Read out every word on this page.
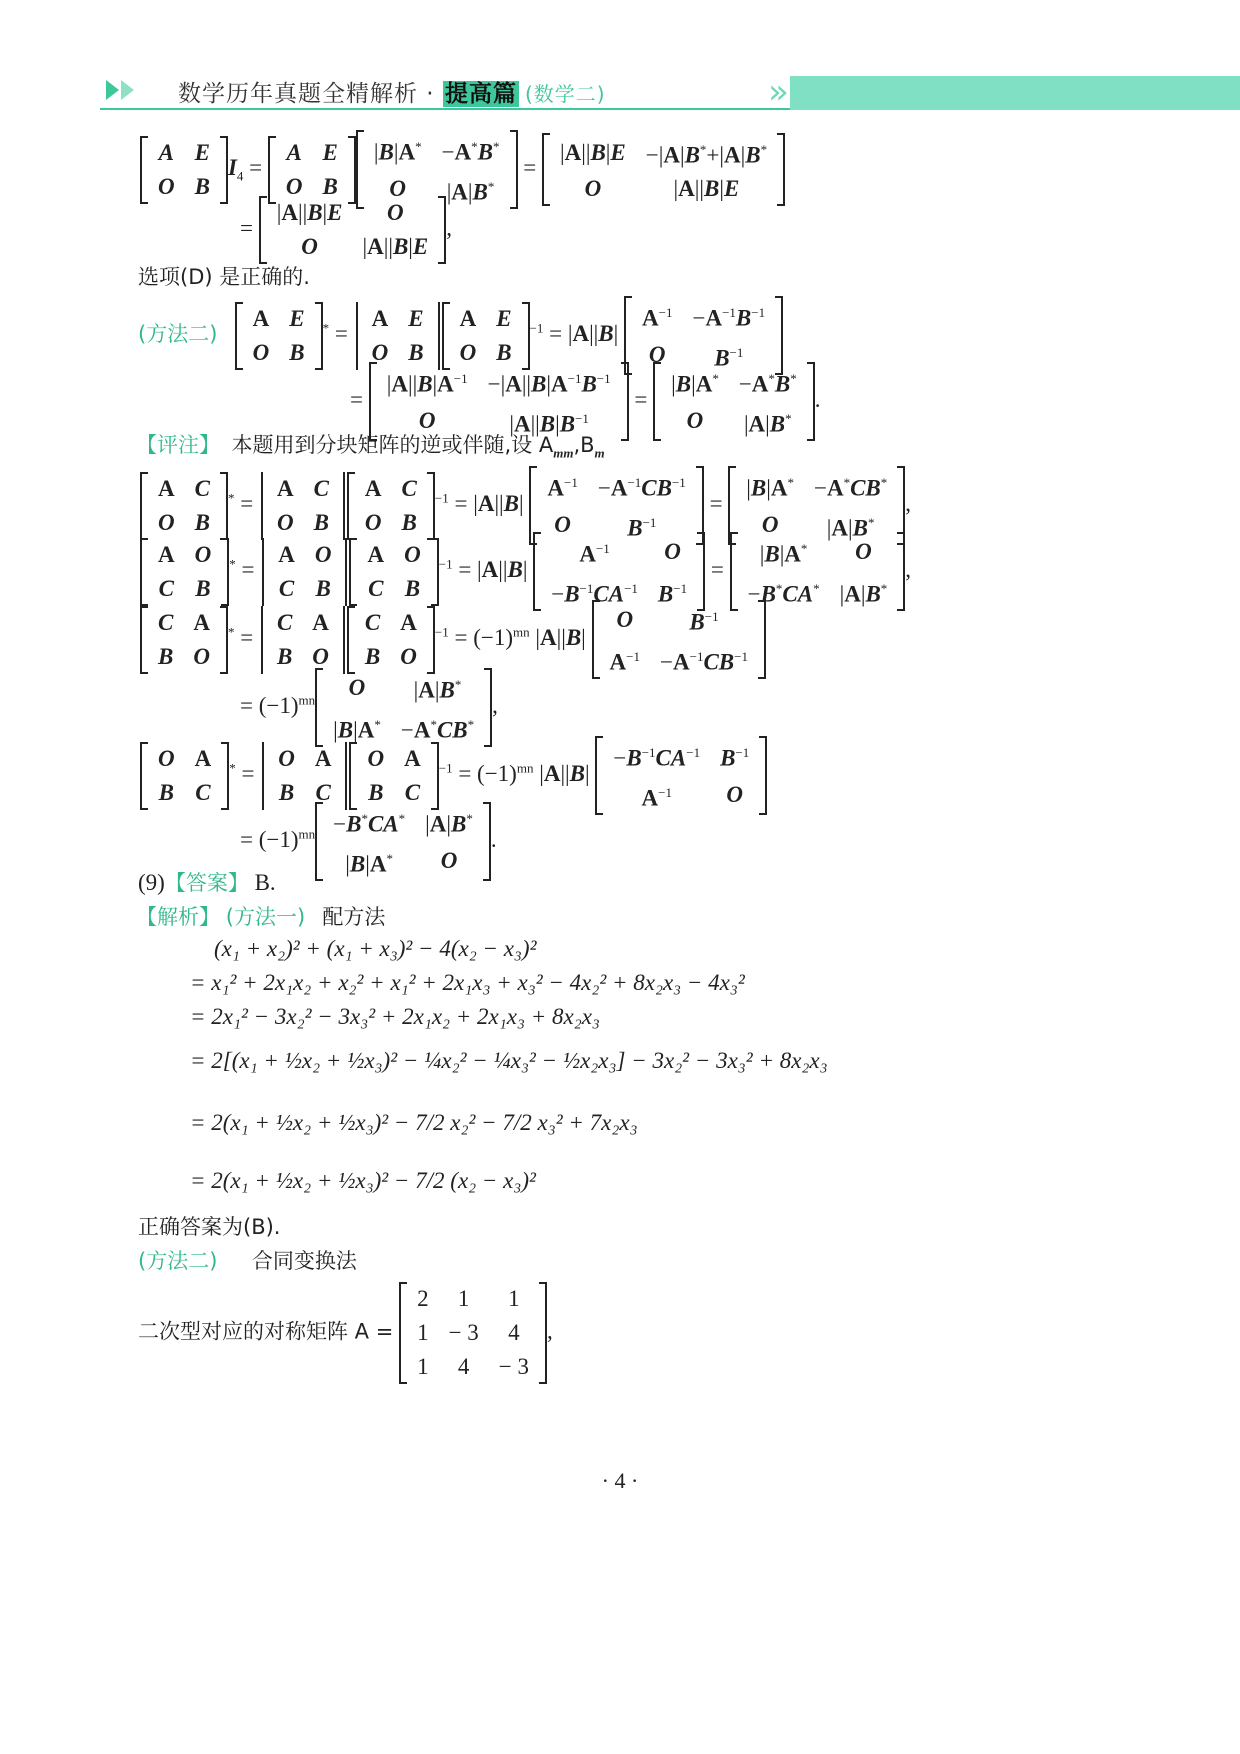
数学历年真题全精解析 · 提高篇 (数学二)	»
A	E
O	B
$I_4$ =
A	E
O	B
|B|A*	−A*B*
O	|A|B*
=
|A||B|E	−|A|B*+|A|B*
O	|A||B|E
=
|A||B|E	O
O	|A||B|E
,
选项(D) 是正确的.
(方法二)
A	E
O	B
* =
A	E
O	B
A	E
O	B
$^{-1}$ = |A||B|
$A^{-1}$	$-A^{-1}B^{-1}$
O	$B^{-1}$
=
$|A||B|A^{-1}$	$-|A||B|A^{-1}B^{-1}$
O	$|A||B|B^{-1}$
=
|B|A*	−A*B*
O	|A|B*
.
【评注】 本题用到分块矩阵的逆或伴随,设 $A_{mm},B_m$
A	C
O	B
* =
A	C
O	B
A	C
O	B
$^{-1}$ = |A||B|
$A^{-1}$	$-A^{-1}CB^{-1}$
O	$B^{-1}$
=
|B|A*	−A*CB*
O	|A|B*
,
A	O
C	B
* =
A	O
C	B
A	O
C	B
$^{-1}$ = |A||B|
$A^{-1}$	O
$-B^{-1}CA^{-1}$	$B^{-1}$
=
|B|A*	O
−B*CA*	|A|B*
,
C	A
B	O
* =
C	A
B	O
C	A
B	O
$^{-1} = (-1)^{mn}$ |A||B|
O	$B^{-1}$
$A^{-1}$	$-A^{-1}CB^{-1}$
= $(-1)^{mn}$ O	|A|B*
|B|A*	−A*CB*
,
O	A
B	C
* =
O	A
B	C
O	A
B	C
$^{-1} = (-1)^{mn}$ |A||B|
$-B^{-1}CA^{-1}$	$B^{-1}$
$A^{-1}$	O
= $(-1)^{mn} -B^*CA^*$	|A|B*
|B|A*	O
.
(9)【答案】 B.
【解析】 (方法一) 配方法
(x₁ + x₂)² + (x₁ + x₃)² − 4(x₂ − x₃)²
= x₁² + 2x₁x₂ + x₂² + x₁² + 2x₁x₃ + x₃² − 4x₂² + 8x₂x₃ − 4x₃²
= 2x₁² − 3x₂² − 3x₃² + 2x₁x₂ + 2x₁x₃ + 8x₂x₃
= 2[(x₁ + ½x₂ + ½x₃)² − ¼x₂² − ¼x₃² − ½x₂x₃] − 3x₂² − 3x₃² + 8x₂x₃
= 2(x₁ + ½x₂ + ½x₃)² − 7/2 x₂² − 7/2 x₃² + 7x₂x₃
= 2(x₁ + ½x₂ + ½x₃)² − 7/2 (x₂ − x₃)²
正确答案为(B).
(方法二) 合同变换法
二次型对应的对称矩阵 A =
2	1	1
1	− 3	4
1	4	− 3
,
· 4 ·
